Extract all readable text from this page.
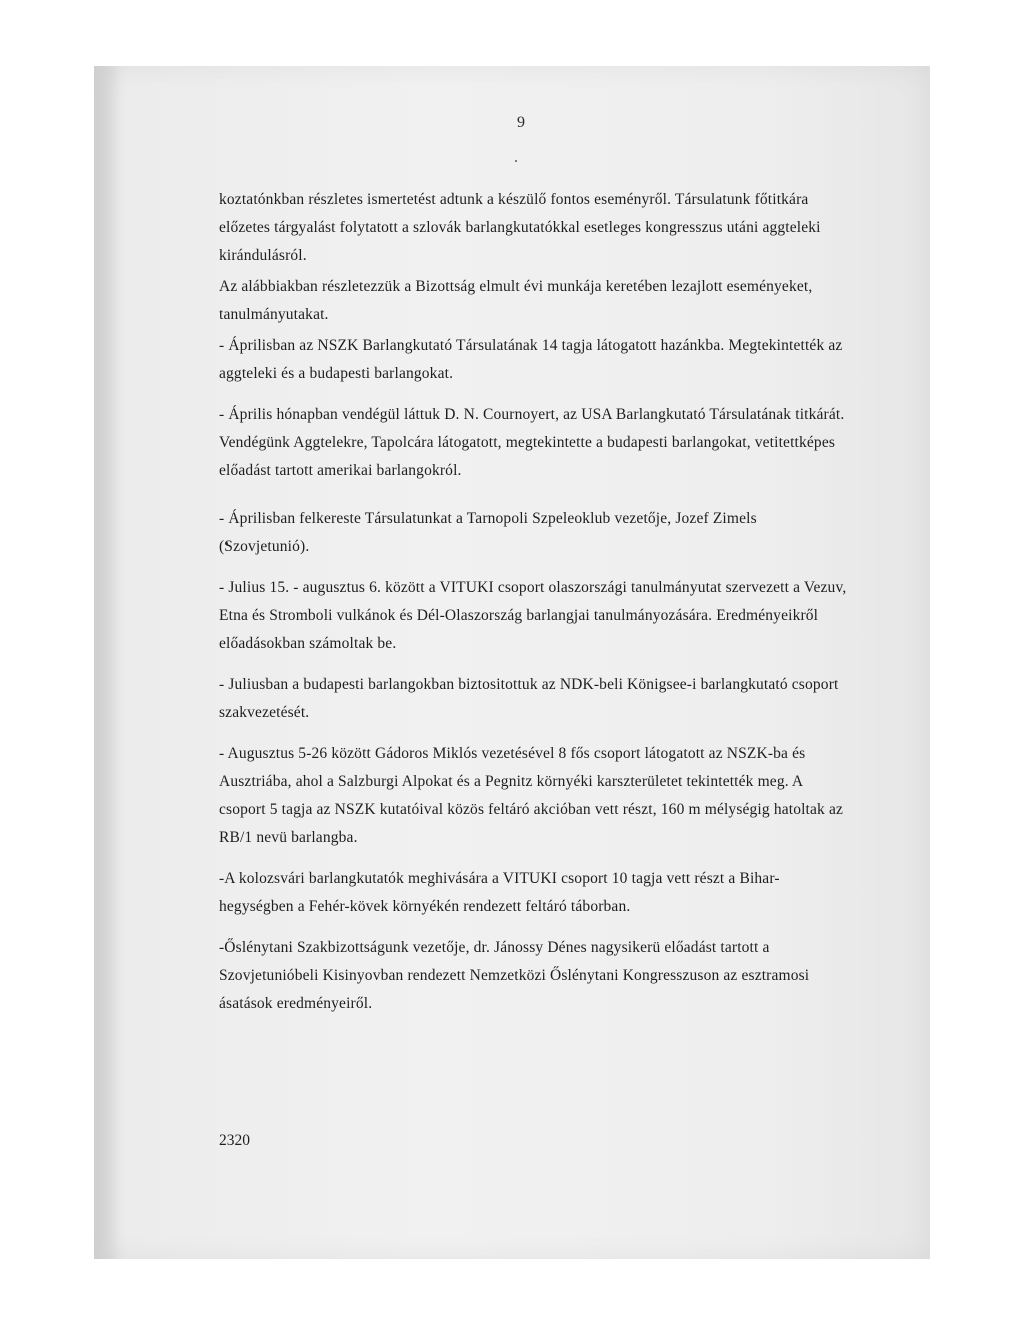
9

koztatónkban részletes ismertetést adtunk a készülő fontos eseményről. Társulatunk főtitkára előzetes tárgyalást folytatott a szlovák barlangkutatókkal esetleges kongresszus utáni aggteleki kirándulásról.

Az alábbiakban részletezzük a Bizottság elmult évi munkája keretében lezajlott eseményeket, tanulmányutakat.

- Áprilisban az NSZK Barlangkutató Társulatának 14 tagja látogatott hazánkba. Megtekintették az aggteleki és a budapesti barlangokat.

- Április hónapban vendégül láttuk D. N. Cournoyert, az USA Barlangkutató Társulatának titkárát. Vendégünk Aggtelekre, Tapolcára látogatott, megtekintette a budapesti barlangokat, vetitettképes előadást tartott amerikai barlangokról.

- Áprilisban felkereste Társulatunkat a Tarnopoli Szpeleoklub vezetője, Jozef Zimels (Szovjetunió).

- Julius 15. - augusztus 6. között a VITUKI csoport olaszországi tanulmányutat szervezett a Vezuv, Etna és Stromboli vulkánok és Dél-Olaszország barlangjai tanulmányozására. Eredményeikről előadásokban számoltak be.

- Juliusban a budapesti barlangokban biztositottuk az NDK-beli Königsee-i barlangkutató csoport szakvezetését.

- Augusztus 5-26 között Gádoros Miklós vezetésével 8 fős csoport látogatott az NSZK-ba és Ausztriába, ahol a Salzburgi Alpokat és a Pegnitz környéki karszterületet tekintették meg. A csoport 5 tagja az NSZK kutatóival közös feltáró akcióban vett részt, 160 m mélységig hatoltak az RB/1 nevü barlangba.

-A kolozsvári barlangkutatók meghivására a VITUKI csoport 10 tagja vett részt a Bihar-hegységben a Fehér-kövek környékén rendezett feltáró táborban.

-Őslénytani Szakbizottságunk vezetője, dr. Jánossy Dénes nagysikerü előadást tartott a Szovjetunióbeli Kisinyovban rendezett Nemzetközi Őslénytani Kongresszuson az esztramosi ásatások eredményeiről.

2320
